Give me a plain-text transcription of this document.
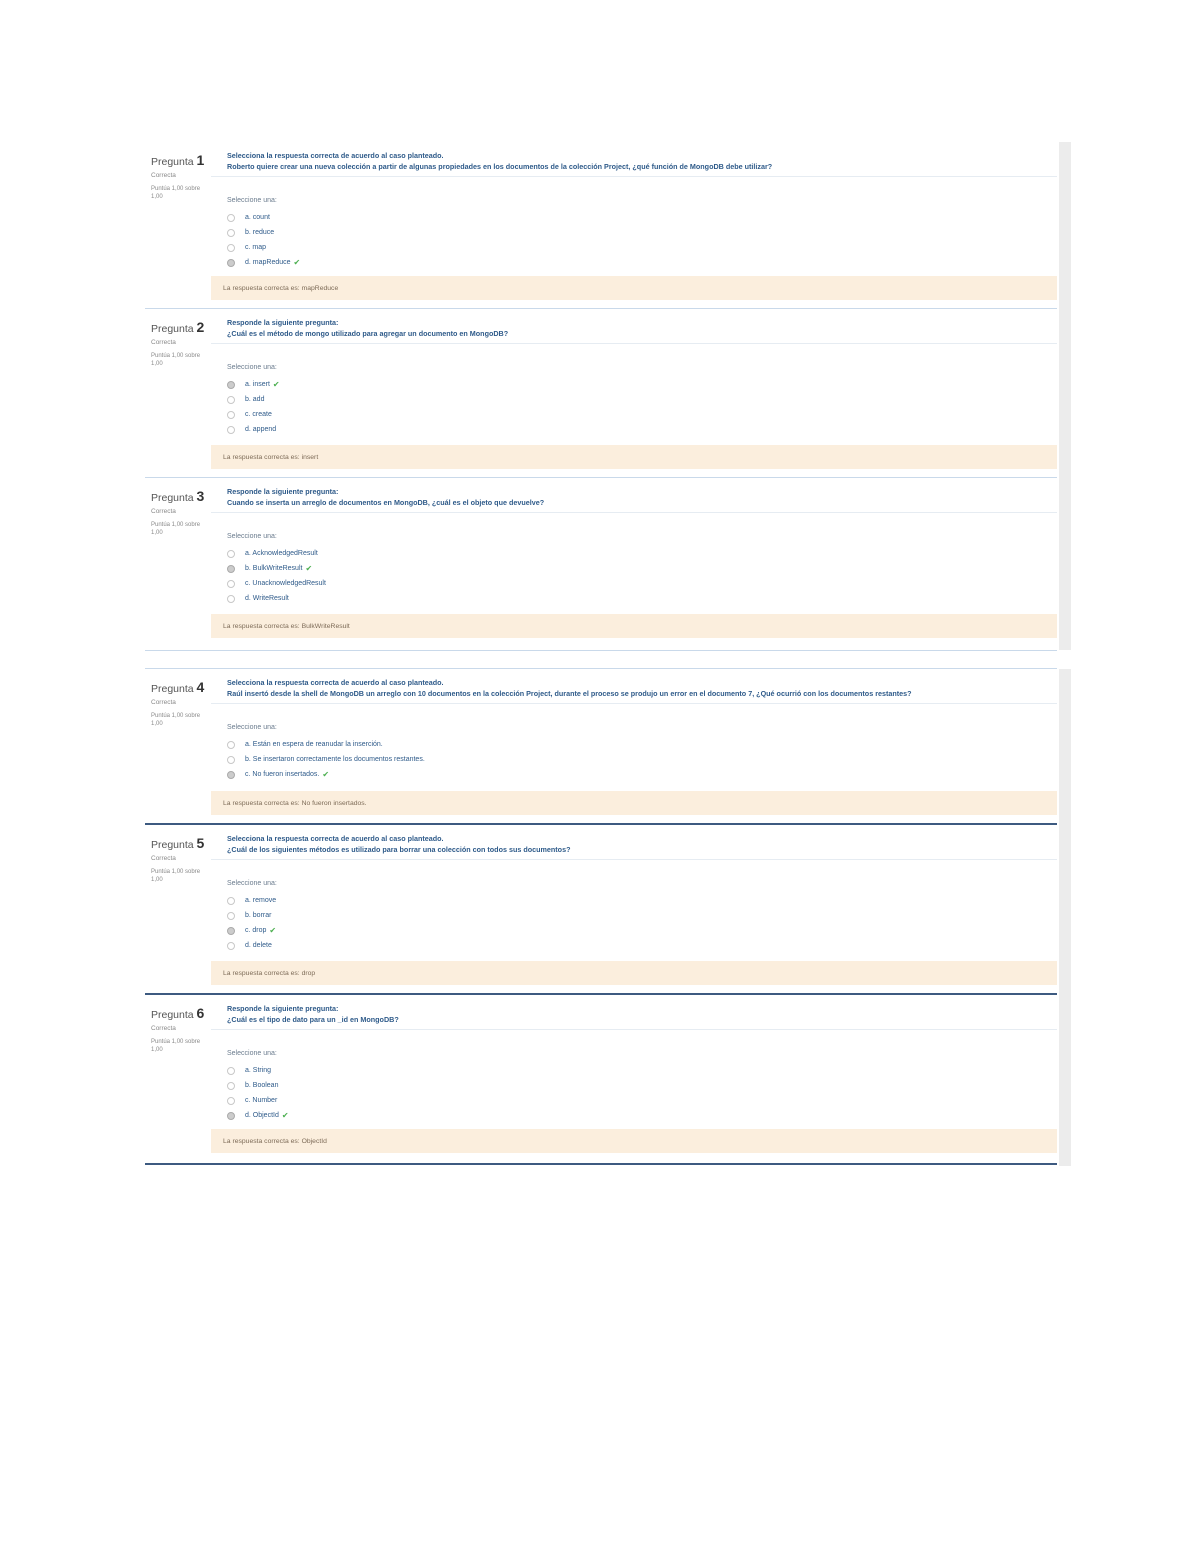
Pregunta 1
Correcta
Puntúa 1,00 sobre 1,00
Selecciona la respuesta correcta de acuerdo al caso planteado.
Roberto quiere crear una nueva colección a partir de algunas propiedades en los documentos de la colección Project, ¿qué función de MongoDB debe utilizar?
Seleccione una:
a. count
b. reduce
c. map
d. mapReduce ✔
La respuesta correcta es: mapReduce
Pregunta 2
Correcta
Puntúa 1,00 sobre 1,00
Responde la siguiente pregunta:
¿Cuál es el método de mongo utilizado para agregar un documento en MongoDB?
Seleccione una:
a. insert ✔
b. add
c. create
d. append
La respuesta correcta es: insert
Pregunta 3
Correcta
Puntúa 1,00 sobre 1,00
Responde la siguiente pregunta:
Cuando se inserta un arreglo de documentos en MongoDB, ¿cuál es el objeto que devuelve?
Seleccione una:
a. AcknowledgedResult
b. BulkWriteResult ✔
c. UnacknowledgedResult
d. WriteResult
La respuesta correcta es: BulkWriteResult
Pregunta 4
Correcta
Puntúa 1,00 sobre 1,00
Selecciona la respuesta correcta de acuerdo al caso planteado.
Raúl insertó desde la shell de MongoDB un arreglo con 10 documentos en la colección Project, durante el proceso se produjo un error en el documento 7, ¿Qué ocurrió con los documentos restantes?
Seleccione una:
a. Están en espera de reanudar la inserción.
b. Se insertaron correctamente los documentos restantes.
c. No fueron insertados. ✔
La respuesta correcta es: No fueron insertados.
Pregunta 5
Correcta
Puntúa 1,00 sobre 1,00
Selecciona la respuesta correcta de acuerdo al caso planteado.
¿Cuál de los siguientes métodos es utilizado para borrar una colección con todos sus documentos?
Seleccione una:
a. remove
b. borrar
c. drop ✔
d. delete
La respuesta correcta es: drop
Pregunta 6
Correcta
Puntúa 1,00 sobre 1,00
Responde la siguiente pregunta:
¿Cuál es el tipo de dato para un _id en MongoDB?
Seleccione una:
a. String
b. Boolean
c. Number
d. ObjectId ✔
La respuesta correcta es: ObjectId
